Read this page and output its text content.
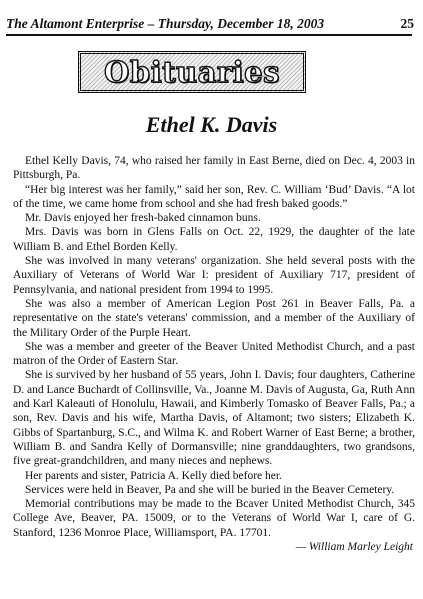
The Altamont Enterprise – Thursday, December 18, 2003	25
Obituaries
Ethel K. Davis

Ethel Kelly Davis, 74, who raised her family in East Berne, died on Dec. 4, 2003 in Pittsburgh, Pa.

“Her big interest was her family,” said her son, Rev. C. William ‘Bud’ Davis. “A lot of the time, we came home from school and she had fresh baked goods.”

Mr. Davis enjoyed her fresh-baked cinnamon buns.

Mrs. Davis was born in Glens Falls on Oct. 22, 1929, the daughter of the late William B. and Ethel Borden Kelly.

She was involved in many veterans' organization. She held several posts with the Auxiliary of Veterans of World War I: president of Auxiliary 717, president of Pennsylvania, and national president from 1994 to 1995.

She was also a member of American Legion Post 261 in Beaver Falls, Pa. a representative on the state's veterans' commission, and a member of the Auxiliary of the Military Order of the Purple Heart.

She was a member and greeter of the Beaver United Methodist Church, and a past matron of the Order of Eastern Star.

She is survived by her husband of 55 years, John I. Davis; four daughters, Catherine D. and Lance Buchardt of Collinsville, Va., Joanne M. Davis of Augusta, Ga, Ruth Ann and Karl Kaleauti of Honolulu, Hawaii, and Kimberly Tomasko of Beaver Falls, Pa.; a son, Rev. Davis and his wife, Martha Davis, of Altamont; two sisters; Elizabeth K. Gibbs of Spartanburg, S.C., and Wilma K. and Robert Warner of East Berne; a brother, William B. and Sandra Kelly of Dormansville; nine granddaughters, two grandsons, five great-grandchildren, and many nieces and nephews.

Her parents and sister, Patricia A. Kelly died before her.

Services were held in Beaver, Pa and she will be buried in the Beaver Cemetery.

Memorial contributions may be made to the Bcaver United Methodist Church, 345 College Ave, Beaver, PA. 15009, or to the Veterans of World War I, care of G. Stanford, 1236 Monroe Place, Williamsport, PA. 17701.

— William Marley Leight
